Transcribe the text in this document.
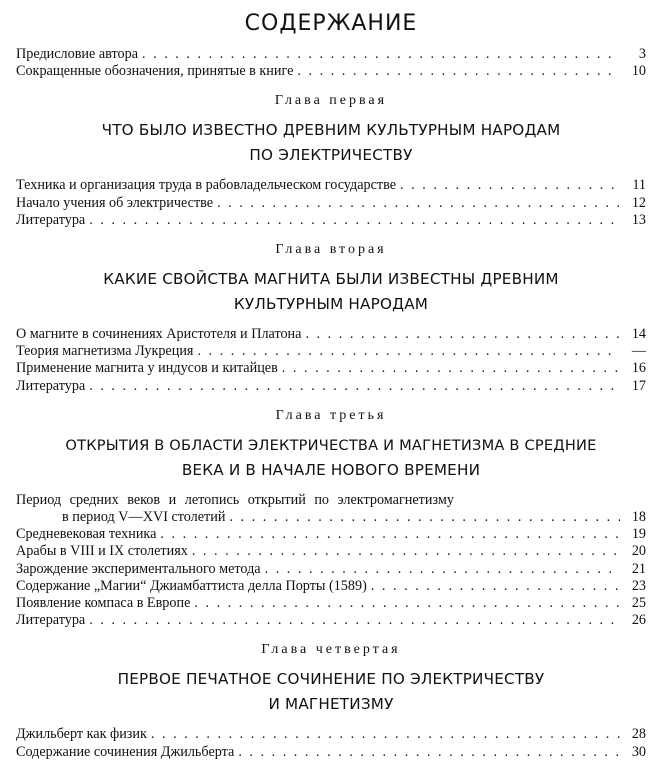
СОДЕРЖАНИЕ
Предисловие автора . . .	3
Сокращенные обозначения, принятые в книге . . .	10
Глава первая
ЧТО БЫЛО ИЗВЕСТНО ДРЕВНИМ КУЛЬТУРНЫМ НАРОДАМ
ПО ЭЛЕКТРИЧЕСТВУ
Техника и организация труда в рабовладельческом государстве . . .	11
Начало учения об электричестве . . .	12
Литература . . .	13
Глава вторая
КАКИЕ СВОЙСТВА МАГНИТА БЫЛИ ИЗВЕСТНЫ ДРЕВНИМ
КУЛЬТУРНЫМ НАРОДАМ
О магните в сочинениях Аристотеля и Платона . . .	14
Теория магнетизма Лукреция . . .	—
Применение магнита у индусов и китайцев . . .	16
Литература . . .	17
Глава третья
ОТКРЫТИЯ В ОБЛАСТИ ЭЛЕКТРИЧЕСТВА И МАГНЕТИЗМА В СРЕДНИЕ
ВЕКА И В НАЧАЛЕ НОВОГО ВРЕМЕНИ
Период средних веков и летопись открытий по электромагнетизму
в период V—XVI столетий . . .	18
Средневековая техника . . .	19
Арабы в VIII и IX столетиях . . .	20
Зарождение экспериментального метода . . .	21
Содержание „Магии“ Джиамбаттиста делла Порты (1589) . . .	23
Появление компаса в Европе . . .	25
Литература . . .	26
Глава четвертая
ПЕРВОЕ ПЕЧАТНОЕ СОЧИНЕНИЕ ПО ЭЛЕКТРИЧЕСТВУ
И МАГНЕТИЗМУ
Джильберт как физик . . .	28
Содержание сочинения Джильберта . . .	30
